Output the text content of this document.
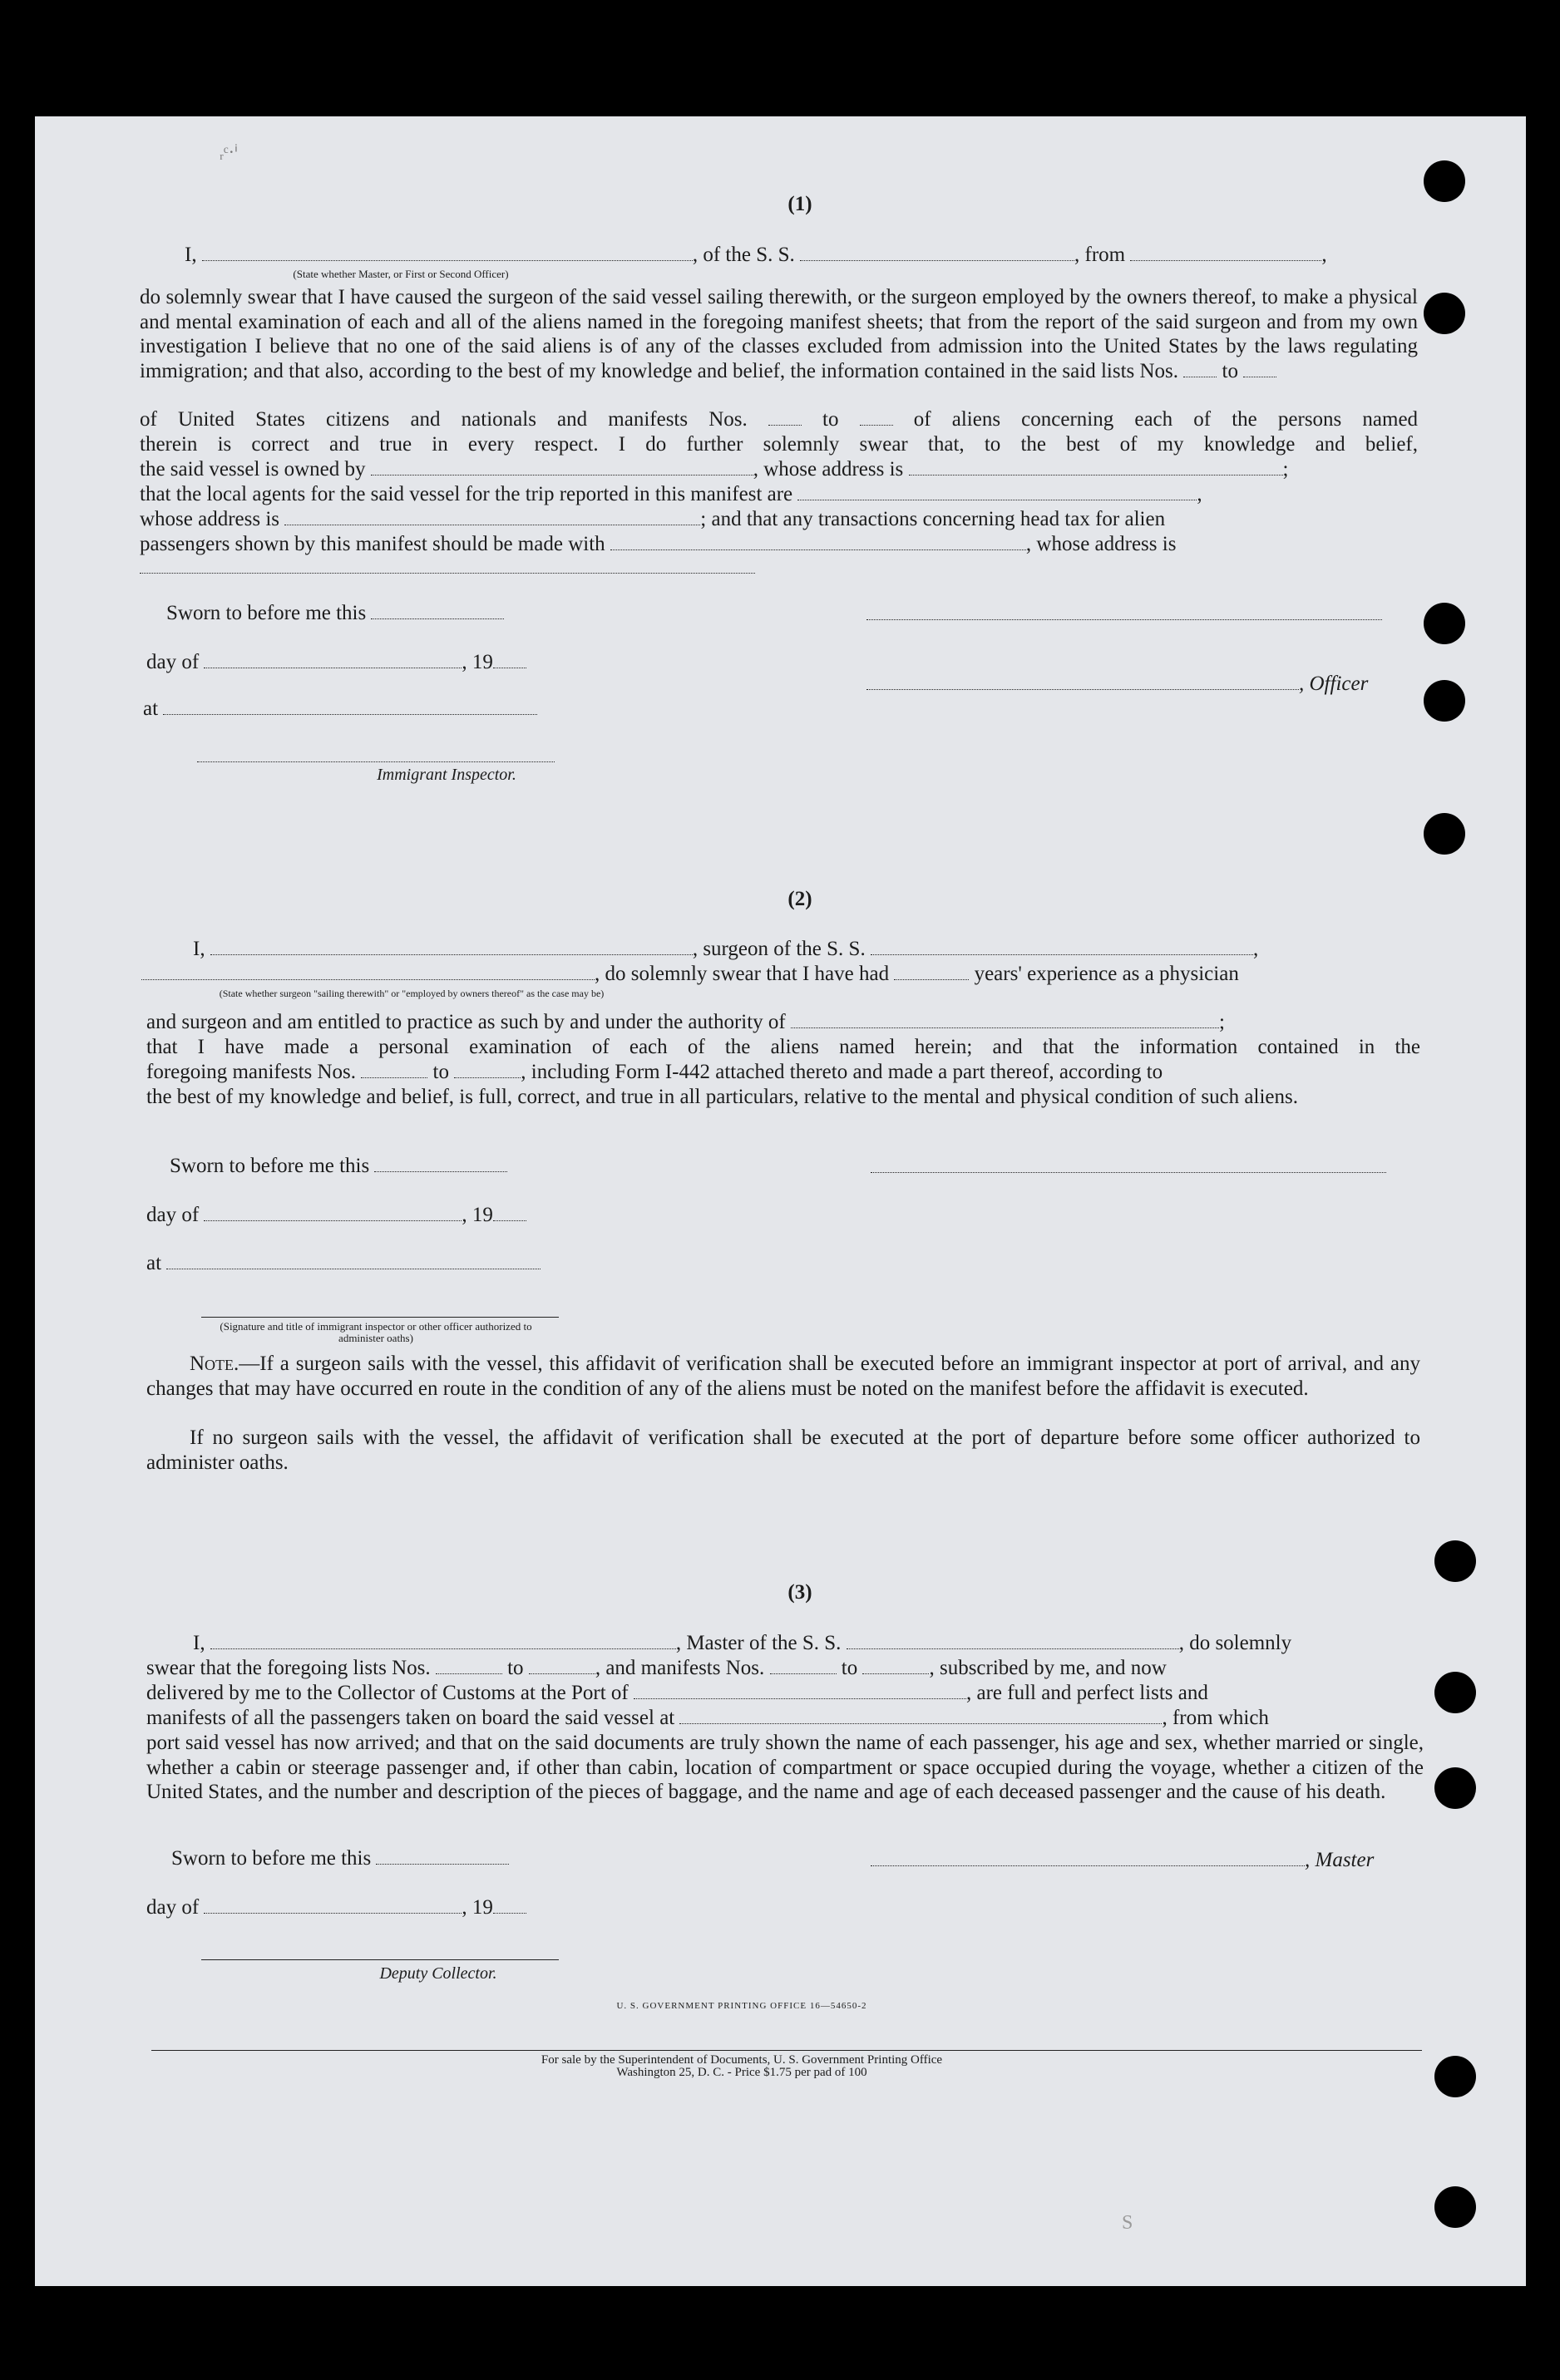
ᵣᶜ·ⁱ
(1)
I,	, of the S. S.	, from	,
(State whether Master, or First or Second Officer)
do solemnly swear that I have caused the surgeon of the said vessel sailing therewith, or the surgeon employed by the owners thereof, to make a physical and mental examination of each and all of the aliens named in the foregoing manifest sheets; that from the report of the said surgeon and from my own investigation I believe that no one of the said aliens is of any of the classes excluded from admission into the United States by the laws regulating immigration; and that also, according to the best of my knowledge and belief, the information contained in the said lists Nos. to
of United States citizens and nationals and manifests Nos.	to	of aliens concerning each of the persons named
therein is correct and true in every respect. I do further solemnly swear that, to the best of my knowledge and belief,
the said vessel is owned by	, whose address is	;
that the local agents for the said vessel for the trip reported in this manifest are	,
whose address is	; and that any transactions concerning head tax for alien
passengers shown by this manifest should be made with	, whose address is
Sworn to before me this
day of	, 19
, Officer
at
Immigrant Inspector.
(2)
I,	, surgeon of the S. S.	,
, do solemnly swear that I have had	years' experience as a physician
(State whether surgeon "sailing therewith" or "employed by owners thereof" as the case may be)
and surgeon and am entitled to practice as such by and under the authority of	;
that I have made a personal examination of each of the aliens named herein; and that the information contained in the
foregoing manifests Nos.	to	, including Form I-442 attached thereto and made a part thereof, according to
the best of my knowledge and belief, is full, correct, and true in all particulars, relative to the mental and physical condition of such aliens.
Sworn to before me this
day of	, 19
at
(Signature and title of immigrant inspector or other officer authorized to administer oaths)
Note.—If a surgeon sails with the vessel, this affidavit of verification shall be executed before an immigrant inspector at port of arrival, and any changes that may have occurred en route in the condition of any of the aliens must be noted on the manifest before the affidavit is executed.
If no surgeon sails with the vessel, the affidavit of verification shall be executed at the port of departure before some officer authorized to administer oaths.
(3)
I,	, Master of the S. S.	, do solemnly
swear that the foregoing lists Nos.	to	, and manifests Nos.	to	, subscribed by me, and now
delivered by me to the Collector of Customs at the Port of	, are full and perfect lists and
manifests of all the passengers taken on board the said vessel at	, from which
port said vessel has now arrived; and that on the said documents are truly shown the name of each passenger, his age and sex, whether married or single, whether a cabin or steerage passenger and, if other than cabin, location of compartment or space occupied during the voyage, whether a citizen of the United States, and the number and description of the pieces of baggage, and the name and age of each deceased passenger and the cause of his death.
Sworn to before me this	, Master
day of	, 19
Deputy Collector.
U. S. GOVERNMENT PRINTING OFFICE 16—54650-2
For sale by the Superintendent of Documents, U. S. Government Printing Office
Washington 25, D. C. - Price $1.75 per pad of 100
S
